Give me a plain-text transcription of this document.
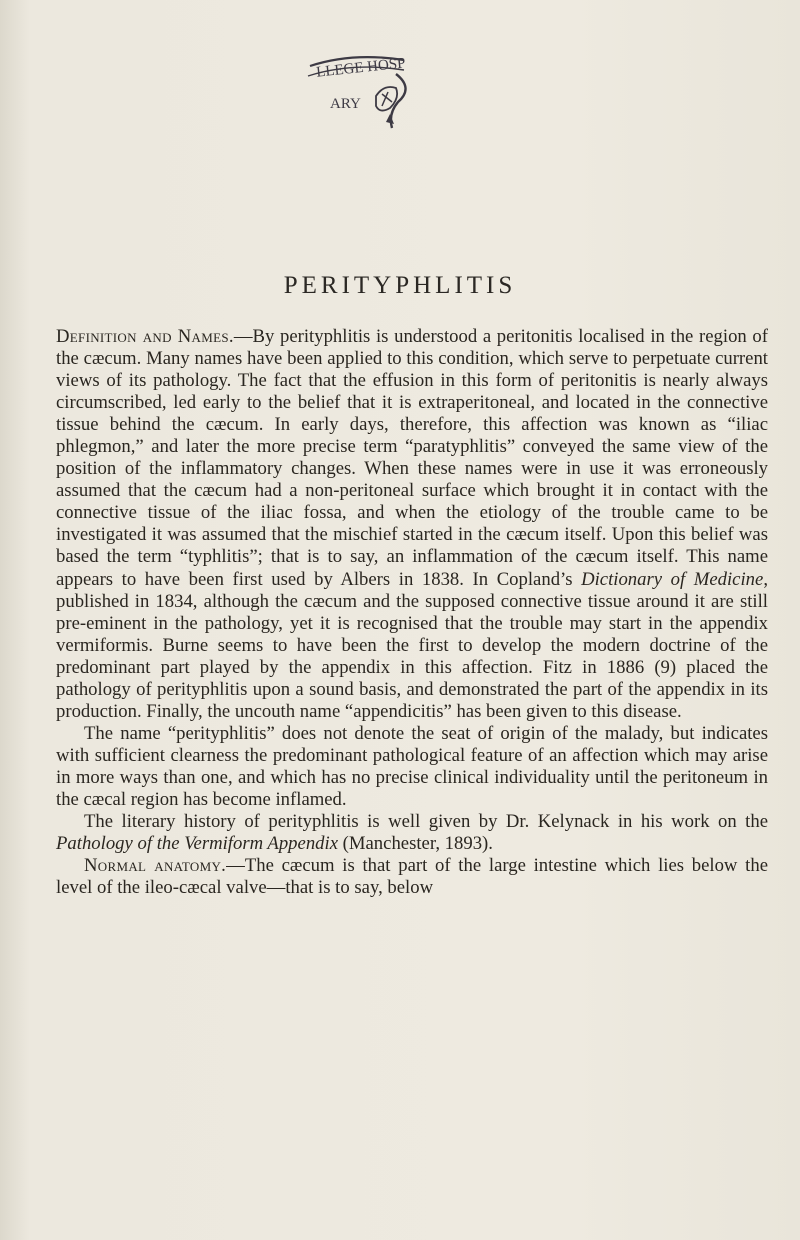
LLEGE HOSP
ARY
PERITYPHLITIS

Definition and Names.—By perityphlitis is understood a peritonitis localised in the region of the cæcum. Many names have been applied to this condition, which serve to perpetuate current views of its pathology. The fact that the effusion in this form of peritonitis is nearly always circumscribed, led early to the belief that it is extraperitoneal, and located in the connective tissue behind the cæcum. In early days, therefore, this affection was known as “iliac phlegmon,” and later the more precise term “paratyphlitis” conveyed the same view of the position of the inflammatory changes. When these names were in use it was erroneously assumed that the cæcum had a non-peritoneal surface which brought it in contact with the connective tissue of the iliac fossa, and when the etiology of the trouble came to be investigated it was assumed that the mischief started in the cæcum itself. Upon this belief was based the term “typhlitis”; that is to say, an inflammation of the cæcum itself. This name appears to have been first used by Albers in 1838. In Copland’s Dictionary of Medicine, published in 1834, although the cæcum and the supposed connective tissue around it are still pre-eminent in the pathology, yet it is recognised that the trouble may start in the appendix vermiformis. Burne seems to have been the first to develop the modern doctrine of the predominant part played by the appendix in this affection. Fitz in 1886 (9) placed the pathology of perityphlitis upon a sound basis, and demonstrated the part of the appendix in its production. Finally, the uncouth name “appendicitis” has been given to this disease.

The name “perityphlitis” does not denote the seat of origin of the malady, but indicates with sufficient clearness the predominant pathological feature of an affection which may arise in more ways than one, and which has no precise clinical individuality until the peritoneum in the cæcal region has become inflamed.

The literary history of perityphlitis is well given by Dr. Kelynack in his work on the Pathology of the Vermiform Appendix (Manchester, 1893).

Normal anatomy.—The cæcum is that part of the large intestine which lies below the level of the ileo-cæcal valve—that is to say, below
